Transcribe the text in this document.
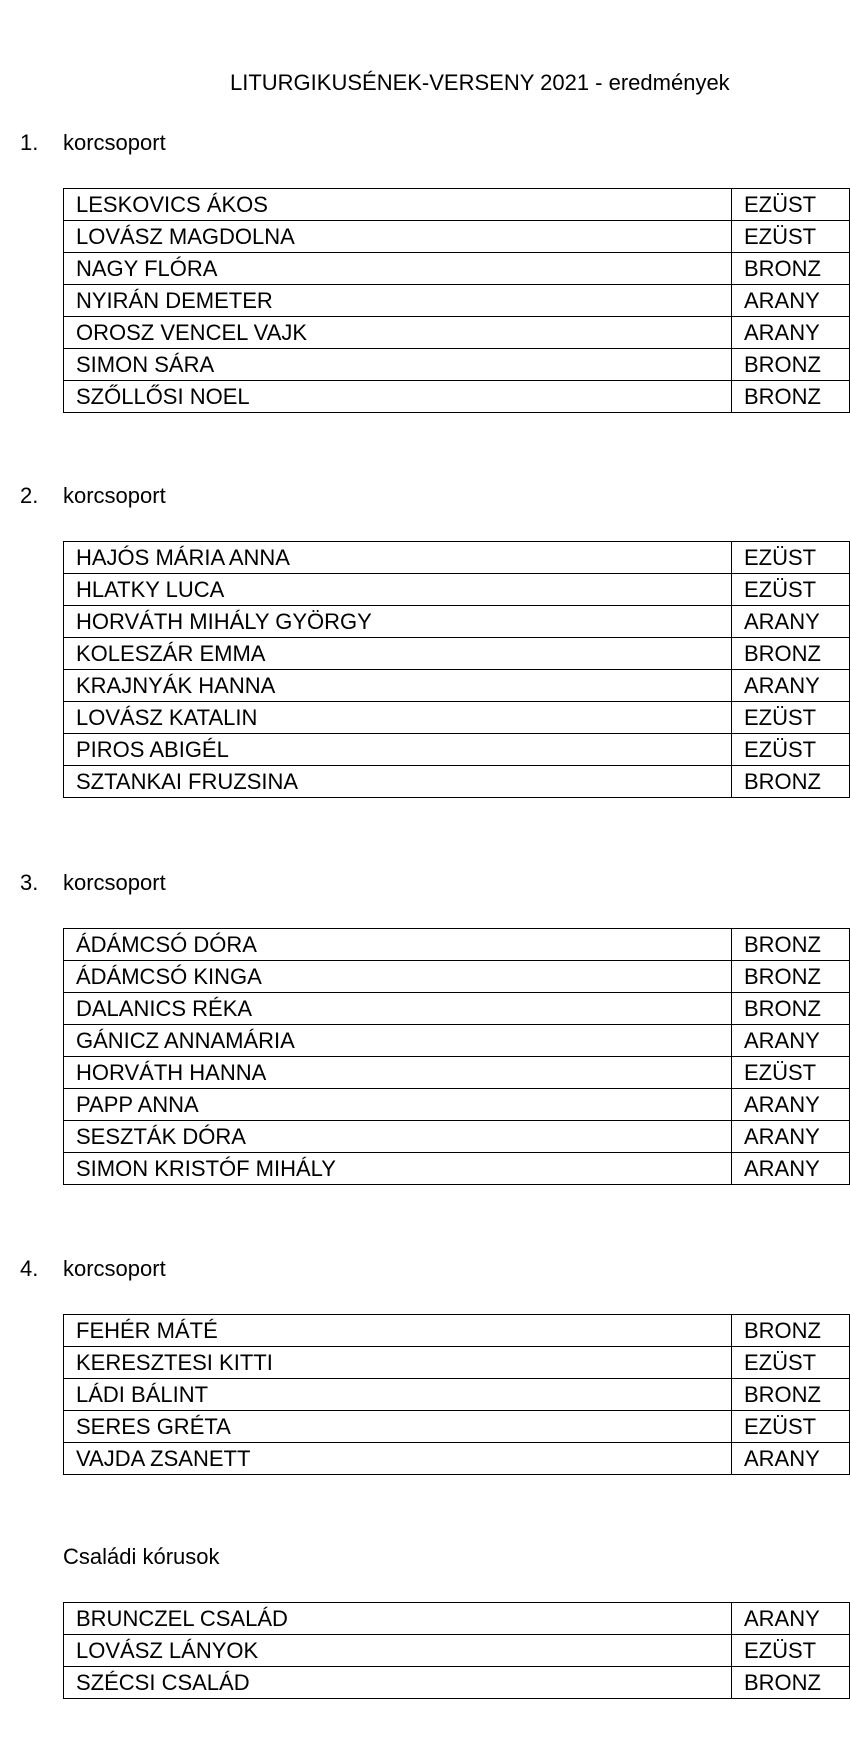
LITURGIKUSÉNEK-VERSENY 2021 - eredmények
1. korcsoport
LESKOVICS ÁKOS	EZÜST
LOVÁSZ MAGDOLNA	EZÜST
NAGY FLÓRA	BRONZ
NYIRÁN DEMETER	ARANY
OROSZ VENCEL VAJK	ARANY
SIMON SÁRA	BRONZ
SZŐLLŐSI NOEL	BRONZ
2. korcsoport
HAJÓS MÁRIA ANNA	EZÜST
HLATKY LUCA	EZÜST
HORVÁTH MIHÁLY GYÖRGY	ARANY
KOLESZÁR EMMA	BRONZ
KRAJNYÁK HANNA	ARANY
LOVÁSZ KATALIN	EZÜST
PIROS ABIGÉL	EZÜST
SZTANKAI FRUZSINA	BRONZ
3. korcsoport
ÁDÁMCSÓ DÓRA	BRONZ
ÁDÁMCSÓ KINGA	BRONZ
DALANICS RÉKA	BRONZ
GÁNICZ ANNAMÁRIA	ARANY
HORVÁTH HANNA	EZÜST
PAPP ANNA	ARANY
SESZTÁK DÓRA	ARANY
SIMON KRISTÓF MIHÁLY	ARANY
4. korcsoport
FEHÉR MÁTÉ	BRONZ
KERESZTESI KITTI	EZÜST
LÁDI BÁLINT	BRONZ
SERES GRÉTA	EZÜST
VAJDA ZSANETT	ARANY
Családi kórusok
BRUNCZEL CSALÁD	ARANY
LOVÁSZ LÁNYOK	EZÜST
SZÉCSI CSALÁD	BRONZ
